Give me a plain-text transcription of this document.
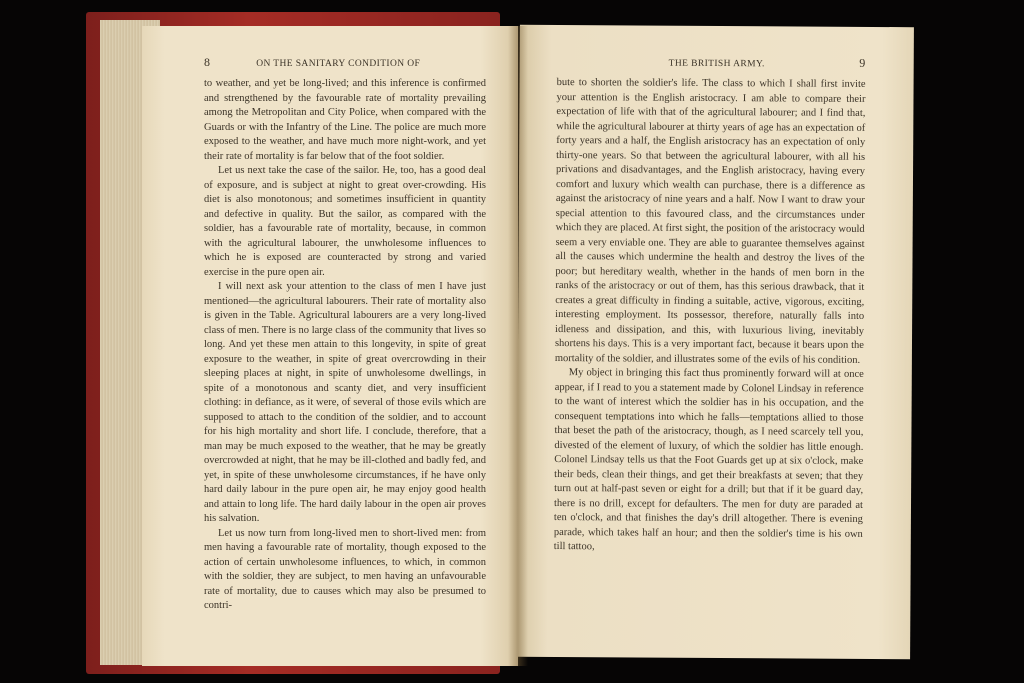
8	ON THE SANITARY CONDITION OF

to weather, and yet be long-lived; and this inference is confirmed and strengthened by the favourable rate of mortality prevailing among the Metropolitan and City Police, when compared with the Guards or with the Infantry of the Line. The police are much more exposed to the weather, and have much more night-work, and yet their rate of mortality is far below that of the foot soldier.

Let us next take the case of the sailor. He, too, has a good deal of exposure, and is subject at night to great over-crowding. His diet is also monotonous; and sometimes insufficient in quantity and defective in quality. But the sailor, as compared with the soldier, has a favourable rate of mortality, because, in common with the agricultural labourer, the unwholesome influences to which he is exposed are counteracted by strong and varied exercise in the pure open air.

I will next ask your attention to the class of men I have just mentioned—the agricultural labourers. Their rate of mortality also is given in the Table. Agricultural labourers are a very long-lived class of men. There is no large class of the community that lives so long. And yet these men attain to this longevity, in spite of great exposure to the weather, in spite of great overcrowding in their sleeping places at night, in spite of unwholesome dwellings, in spite of a monotonous and scanty diet, and very insufficient clothing: in defiance, as it were, of several of those evils which are supposed to attach to the condition of the soldier, and to account for his high mortality and short life. I conclude, therefore, that a man may be much exposed to the weather, that he may be greatly overcrowded at night, that he may be ill-clothed and badly fed, and yet, in spite of these unwholesome circumstances, if he have only hard daily labour in the pure open air, he may enjoy good health and attain to long life. The hard daily labour in the open air proves his salvation.

Let us now turn from long-lived men to short-lived men: from men having a favourable rate of mortality, though exposed to the action of certain unwholesome influences, to which, in common with the soldier, they are subject, to men having an unfavourable rate of mortality, due to causes which may also be presumed to contri-

THE BRITISH ARMY.	9

bute to shorten the soldier's life. The class to which I shall first invite your attention is the English aristocracy. I am able to compare their expectation of life with that of the agricultural labourer; and I find that, while the agricultural labourer at thirty years of age has an expectation of forty years and a half, the English aristocracy has an expectation of only thirty-one years. So that between the agricultural labourer, with all his privations and disadvantages, and the English aristocracy, having every comfort and luxury which wealth can purchase, there is a difference as against the aristocracy of nine years and a half. Now I want to draw your special attention to this favoured class, and the circumstances under which they are placed. At first sight, the position of the aristocracy would seem a very enviable one. They are able to guarantee themselves against all the causes which undermine the health and destroy the lives of the poor; but hereditary wealth, whether in the hands of men born in the ranks of the aristocracy or out of them, has this serious drawback, that it creates a great difficulty in finding a suitable, active, vigorous, exciting, interesting employment. Its possessor, therefore, naturally falls into idleness and dissipation, and this, with luxurious living, inevitably shortens his days. This is a very important fact, because it bears upon the mortality of the soldier, and illustrates some of the evils of his condition.

My object in bringing this fact thus prominently forward will at once appear, if I read to you a statement made by Colonel Lindsay in reference to the want of interest which the soldier has in his occupation, and the consequent temptations into which he falls—temptations allied to those that beset the path of the aristocracy, though, as I need scarcely tell you, divested of the element of luxury, of which the soldier has little enough. Colonel Lindsay tells us that the Foot Guards get up at six o'clock, make their beds, clean their things, and get their breakfasts at seven; that they turn out at half-past seven or eight for a drill; but that if it be guard day, there is no drill, except for defaulters. The men for duty are paraded at ten o'clock, and that finishes the day's drill altogether. There is evening parade, which takes half an hour; and then the soldier's time is his own till tattoo,
